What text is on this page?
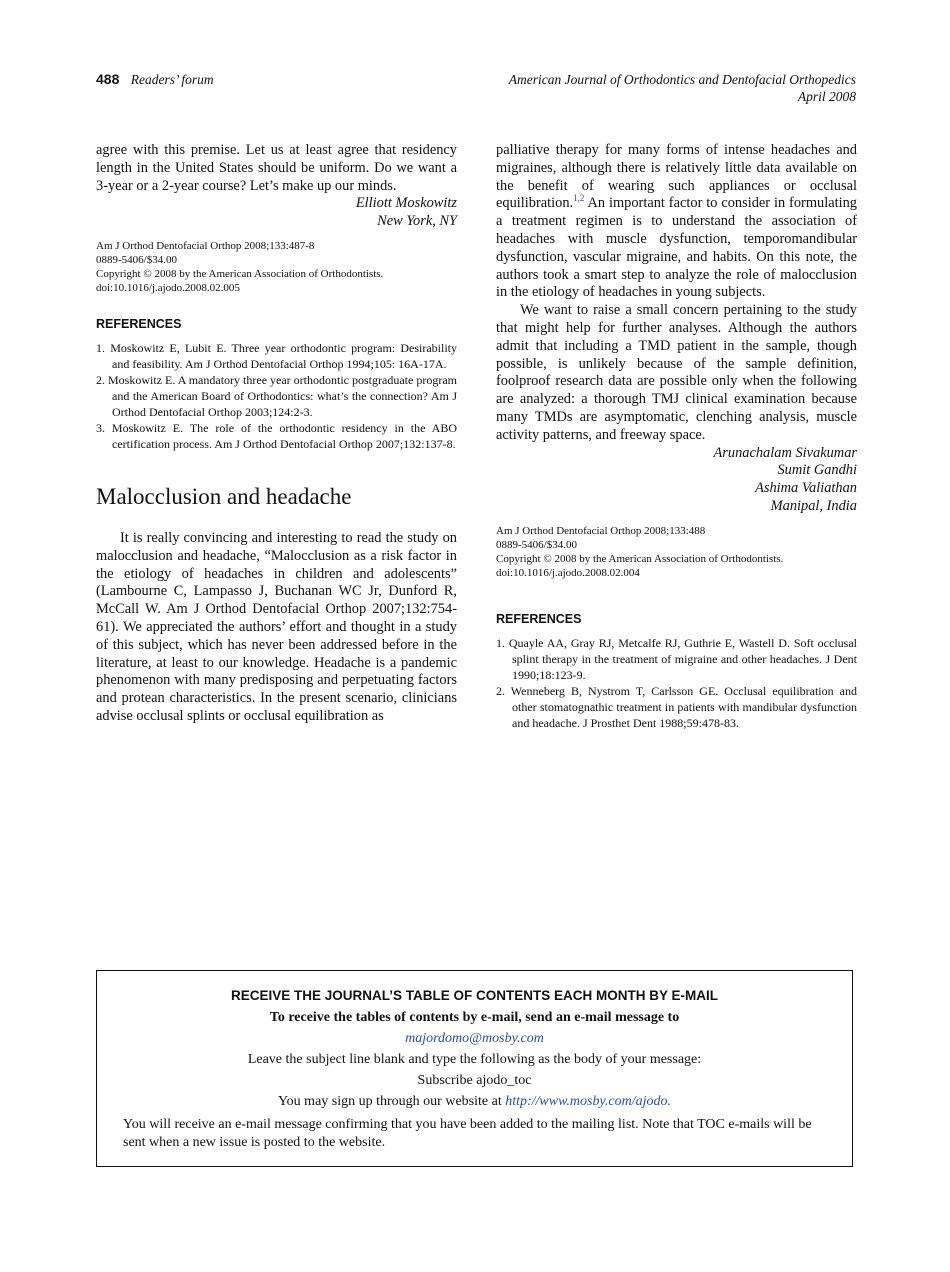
488 Readers’ forum	American Journal of Orthodontics and Dentofacial Orthopedics
April 2008

agree with this premise. Let us at least agree that residency length in the United States should be uniform. Do we want a 3-year or a 2-year course? Let’s make up our minds.

Elliott Moskowitz

New York, NY

Am J Orthod Dentofacial Orthop 2008;133:487-8
0889-5406/$34.00
Copyright © 2008 by the American Association of Orthodontists.
doi:10.1016/j.ajodo.2008.02.005
REFERENCES
1. Moskowitz E, Lubit E. Three year orthodontic program: Desirability and feasibility. Am J Orthod Dentofacial Orthop 1994;105: 16A-17A.
2. Moskowitz E. A mandatory three year orthodontic postgraduate program and the American Board of Orthodontics: what’s the connection? Am J Orthod Dentofacial Orthop 2003;124:2-3.
3. Moskowitz E. The role of the orthodontic residency in the ABO certification process. Am J Orthod Dentofacial Orthop 2007;132:137-8.
Malocclusion and headache

It is really convincing and interesting to read the study on malocclusion and headache, “Malocclusion as a risk factor in the etiology of headaches in children and adolescents” (Lambourne C, Lampasso J, Buchanan WC Jr, Dunford R, McCall W. Am J Orthod Dentofacial Orthop 2007;132:754-61). We appreciated the authors’ effort and thought in a study of this subject, which has never been addressed before in the literature, at least to our knowledge. Headache is a pandemic phenomenon with many predisposing and perpetuating factors and protean characteristics. In the present scenario, clinicians advise occlusal splints or occlusal equilibration as

palliative therapy for many forms of intense headaches and migraines, although there is relatively little data available on the benefit of wearing such appliances or occlusal equilibration.$^{1,2}$ An important factor to consider in formulating a treatment regimen is to understand the association of headaches with muscle dysfunction, temporomandibular dysfunction, vascular migraine, and habits. On this note, the authors took a smart step to analyze the role of malocclusion in the etiology of headaches in young subjects.

We want to raise a small concern pertaining to the study that might help for further analyses. Although the authors admit that including a TMD patient in the sample, though possible, is unlikely because of the sample definition, foolproof research data are possible only when the following are analyzed: a thorough TMJ clinical examination because many TMDs are asymptomatic, clenching analysis, muscle activity patterns, and freeway space.

Arunachalam Sivakumar

Sumit Gandhi

Ashima Valiathan

Manipal, India

Am J Orthod Dentofacial Orthop 2008;133:488
0889-5406/$34.00
Copyright © 2008 by the American Association of Orthodontists.
doi:10.1016/j.ajodo.2008.02.004
REFERENCES
1. Quayle AA, Gray RJ, Metcalfe RJ, Guthrie E, Wastell D. Soft occlusal splint therapy in the treatment of migraine and other headaches. J Dent 1990;18:123-9.
2. Wenneberg B, Nystrom T, Carlsson GE. Occlusal equilibration and other stomatognathic treatment in patients with mandibular dysfunction and headache. J Prosthet Dent 1988;59:478-83.
RECEIVE THE JOURNAL’S TABLE OF CONTENTS EACH MONTH BY E-MAIL
To receive the tables of contents by e-mail, send an e-mail message to
majordomo@mosby.com
Leave the subject line blank and type the following as the body of your message:
Subscribe ajodo_toc
You may sign up through our website at http://www.mosby.com/ajodo.
You will receive an e-mail message confirming that you have been added to the mailing list. Note that TOC e-mails will be sent when a new issue is posted to the website.
